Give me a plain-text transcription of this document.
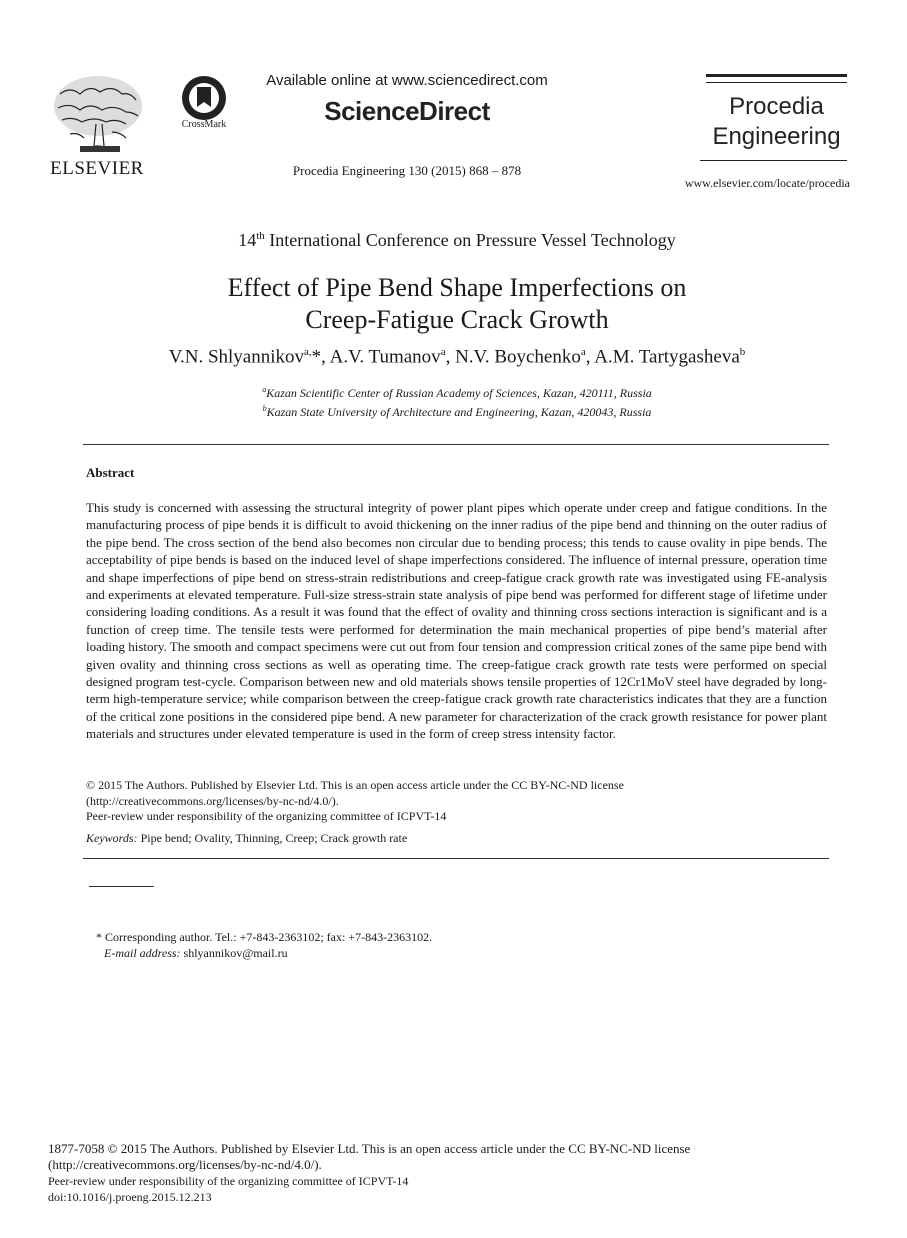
ELSEVIER
CrossMark
Available online at www.sciencedirect.com
ScienceDirect
Procedia Engineering 130 (2015) 868 – 878
Procedia
Engineering
www.elsevier.com/locate/procedia
14th International Conference on Pressure Vessel Technology
Effect of Pipe Bend Shape Imperfections on
Creep-Fatigue Crack Growth
V.N. Shlyannikov$^{a,}$*, A.V. Tumanov$^a$, N.V. Boychenko$^a$, A.M. Tartygasheva$^b$
$^a$Kazan Scientific Center of Russian Academy of Sciences, Kazan, 420111, Russia
$^b$Kazan State University of Architecture and Engineering, Kazan, 420043, Russia
Abstract
This study is concerned with assessing the structural integrity of power plant pipes which operate under creep and fatigue conditions. In the manufacturing process of pipe bends it is difficult to avoid thickening on the inner radius of the pipe bend and thinning on the outer radius of the pipe bend. The cross section of the bend also becomes non circular due to bending process; this tends to cause ovality in pipe bends. The acceptability of pipe bends is based on the induced level of shape imperfections considered. The influence of internal pressure, operation time and shape imperfections of pipe bend on stress-strain redistributions and creep-fatigue crack growth rate was investigated using FE-analysis and experiments at elevated temperature. Full-size stress-strain state analysis of pipe bend was performed for different stage of lifetime under considering loading conditions. As a result it was found that the effect of ovality and thinning cross sections interaction is significant and is a function of creep time. The tensile tests were performed for determination the main mechanical properties of pipe bend’s material after loading history. The smooth and compact specimens were cut out from four tension and compression critical zones of the same pipe bend with given ovality and thinning cross sections as well as operating time. The creep-fatigue crack growth rate tests were performed on special designed program test-cycle. Comparison between new and old materials shows tensile properties of 12Cr1MoV steel have degraded by long-term high-temperature service; while comparison between the creep-fatigue crack growth rate characteristics indicates that they are a function of the critical zone positions in the considered pipe bend. A new parameter for characterization of the crack growth resistance for power plant materials and structures under elevated temperature is used in the form of creep stress intensity factor.
© 2015 The Authors. Published by Elsevier Ltd. This is an open access article under the CC BY-NC-ND license
(http://creativecommons.org/licenses/by-nc-nd/4.0/).
Peer-review under responsibility of the organizing committee of ICPVT-14
Keywords: Pipe bend; Ovality, Thinning, Creep; Crack growth rate
* Corresponding author. Tel.: +7-843-2363102; fax: +7-843-2363102.
E-mail address: shlyannikov@mail.ru
1877-7058 © 2015 The Authors. Published by Elsevier Ltd. This is an open access article under the CC BY-NC-ND license
(http://creativecommons.org/licenses/by-nc-nd/4.0/).
Peer-review under responsibility of the organizing committee of ICPVT-14
doi:10.1016/j.proeng.2015.12.213
